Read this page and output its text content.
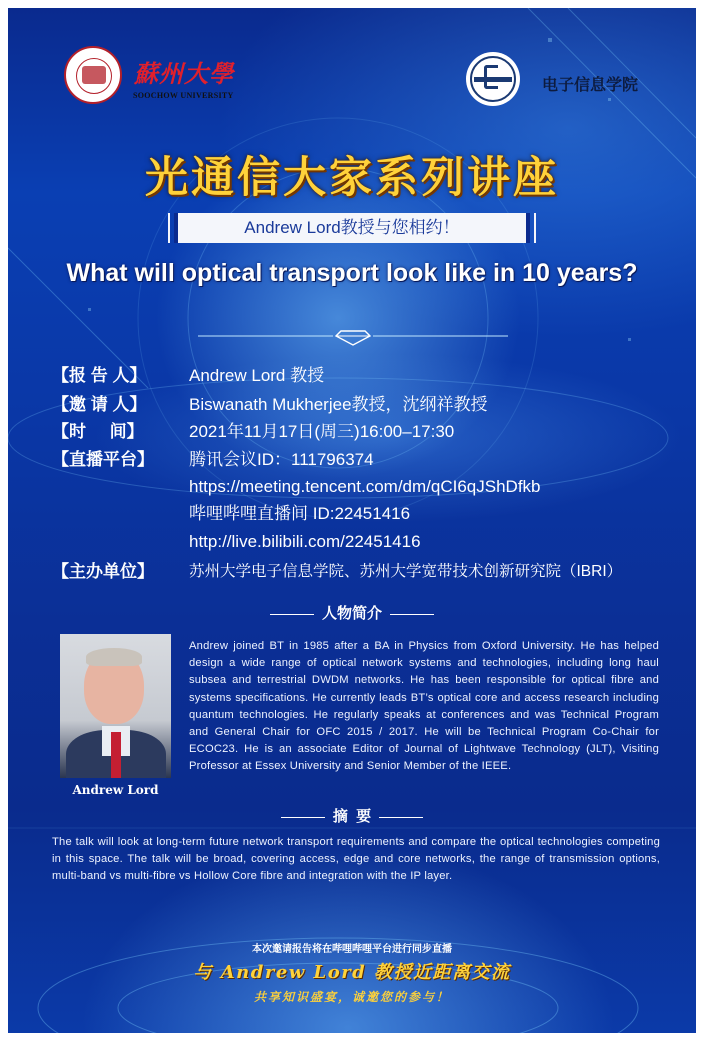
蘇州大學
SOOCHOW UNIVERSITY
电子信息学院
光通信大家系列讲座
Andrew Lord教授与您相约！
What will optical transport look like in 10 years?
【报 告 人】	Andrew Lord 教授
【邀 请 人】	Biswanath Mukherjee教授，沈纲祥教授
【时     间】	2021年11月17日(周三)16:00–17:30
【直播平台】	腾讯会议ID：111796374
https://meeting.tencent.com/dm/qCI6qJShDfkb
哔哩哔哩直播间 ID:22451416
http://live.bilibili.com/22451416
【主办单位】	苏州大学电子信息学院、苏州大学宽带技术创新研究院（IBRI）
人物简介
Andrew Lord
Andrew joined BT in 1985 after a BA in Physics from Oxford University. He has helped design a wide range of optical network systems and technologies, including long haul subsea and terrestrial DWDM networks. He has been responsible for optical fibre and systems specifications. He currently leads BT’s optical core and access research including quantum technologies. He regularly speaks at conferences and was Technical Program and General Chair for OFC 2015 / 2017. He will be Technical Program Co-Chair for ECOC23. He is an associate Editor of Journal of Lightwave Technology (JLT), Visiting Professor at Essex University and Senior Member of the IEEE.
摘  要
The talk will look at long-term future network transport requirements and compare the optical technologies competing in this space. The talk will be broad, covering access, edge and core networks, the range of transmission options, multi-band vs multi-fibre vs Hollow Core fibre and integration with the IP layer.
本次邀请报告将在哔哩哔哩平台进行同步直播
与 Andrew Lord 教授近距离交流
共享知识盛宴，诚邀您的参与！
